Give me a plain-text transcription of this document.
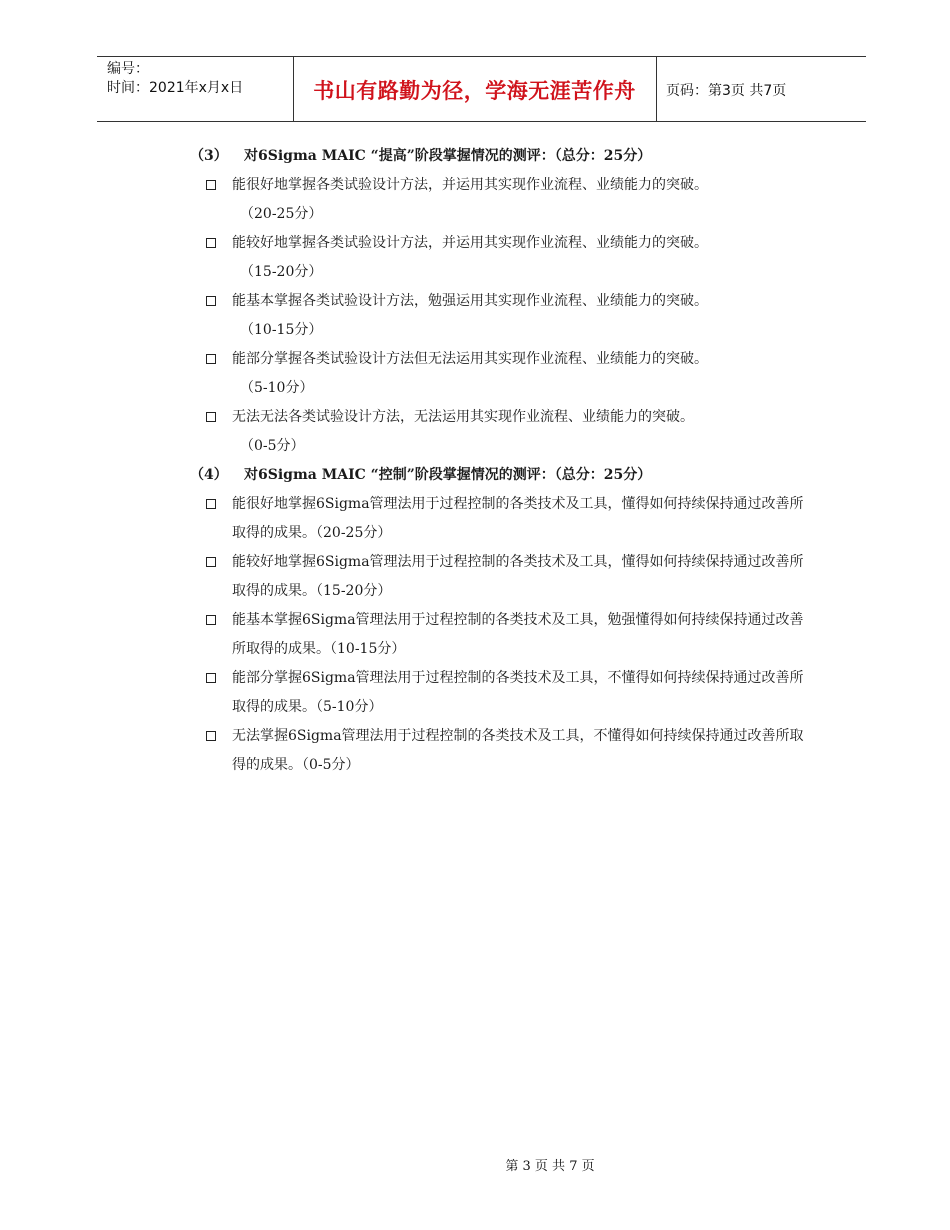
编号：
时间：2021年x月x日	书山有路勤为径，学海无涯苦作舟	页码：第3页 共7页
（3） 对6Sigma MAIC “提高”阶段掌握情况的测评：（总分：25分）
能很好地掌握各类试验设计方法，并运用其实现作业流程、业绩能力的突破。
（20-25分）
能较好地掌握各类试验设计方法，并运用其实现作业流程、业绩能力的突破。
（15-20分）
能基本掌握各类试验设计方法，勉强运用其实现作业流程、业绩能力的突破。
（10-15分）
能部分掌握各类试验设计方法但无法运用其实现作业流程、业绩能力的突破。
（5-10分）
无法无法各类试验设计方法，无法运用其实现作业流程、业绩能力的突破。
（0-5分）
（4） 对6Sigma MAIC “控制”阶段掌握情况的测评：（总分：25分）
能很好地掌握6Sigma管理法用于过程控制的各类技术及工具，懂得如何持续保持通过改善所取得的成果。（20-25分）
能较好地掌握6Sigma管理法用于过程控制的各类技术及工具，懂得如何持续保持通过改善所取得的成果。（15-20分）
能基本掌握6Sigma管理法用于过程控制的各类技术及工具，勉强懂得如何持续保持通过改善所取得的成果。（10-15分）
能部分掌握6Sigma管理法用于过程控制的各类技术及工具，不懂得如何持续保持通过改善所取得的成果。（5-10分）
无法掌握6Sigma管理法用于过程控制的各类技术及工具，不懂得如何持续保持通过改善所取得的成果。（0-5分）
第 3 页 共 7 页
